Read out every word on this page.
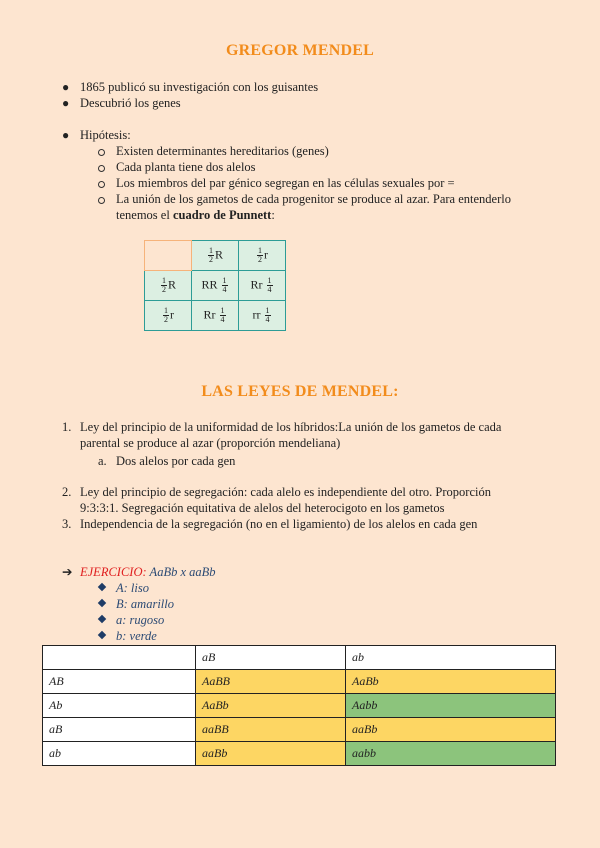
GREGOR MENDEL
● 1865 publicó su investigación con los guisantes
● Descubrió los genes
● Hipótesis:
Existen determinantes hereditarios (genes)
Cada planta tiene dos alelos
Los miembros del par génico segregan en las células sexuales por =
La unión de los gametos de cada progenitor se produce al azar. Para entenderlo
tenemos el cuadro de Punnett:

	$\frac{1}{2}$ R	$\frac{1}{2}$ r

$\frac{1}{2}$ R	RR $\frac{1}{4}$	Rr $\frac{1}{4}$

$\frac{1}{2}$ r	Rr $\frac{1}{4}$	rr $\frac{1}{4}$
LAS LEYES DE MENDEL:
1. Ley del principio de la uniformidad de los híbridos:La unión de los gametos de cada
parental se produce al azar (proporción mendeliana)
a. Dos alelos por cada gen
2. Ley del principio de segregación: cada alelo es independiente del otro. Proporción
9:3:3:1. Segregación equitativa de alelos del heterocigoto en los gametos
3. Independencia de la segregación (no en el ligamiento) de los alelos en cada gen
➔ EJERCICIO: AaBb x aaBb
A: liso
B: amarillo
a: rugoso
b: verde
	aB	ab
AB	AaBB	AaBb
Ab	AaBb	Aabb
aB	aaBB	aaBb
ab	aaBb	aabb
